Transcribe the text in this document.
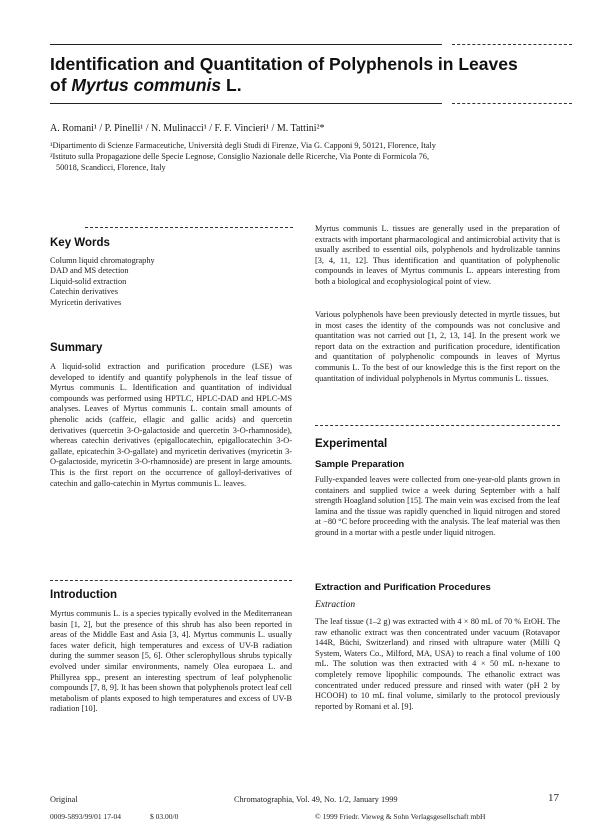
Identification and Quantitation of Polyphenols in Leaves
of Myrtus communis L.
A. Romani¹ / P. Pinelli¹ / N. Mulinacci¹ / F. F. Vincieri¹ / M. Tattini²*
¹Dipartimento di Scienze Farmaceutiche, Università degli Studi di Firenze, Via G. Capponi 9, 50121, Florence, Italy
²Istituto sulla Propagazione delle Specie Legnose, Consiglio Nazionale delle Ricerche, Via Ponte di Formicola 76,
50018, Scandicci, Florence, Italy
Key Words
Column liquid chromatography
DAD and MS detection
Liquid-solid extraction
Catechin derivatives
Myricetin derivatives
Summary
A liquid-solid extraction and purification procedure (LSE) was developed to identify and quantify polyphenols in the leaf tissue of Myrtus communis L. Identification and quantitation of individual compounds was performed using HPTLC, HPLC-DAD and HPLC-MS analyses. Leaves of Myrtus communis L. contain small amounts of phenolic acids (caffeic, ellagic and gallic acids) and quercetin derivatives (quercetin 3-O-galactoside and quercetin 3-O-rhamnoside), whereas catechin derivatives (epigallocatechin, epigallocatechin 3-O-gallate, epicatechin 3-O-gallate) and myricetin derivatives (myricetin 3-O-galactoside, myricetin 3-O-rhamnoside) are present in large amounts. This is the first report on the occurrence of galloyl-derivatives of catechin and gallo-catechin in Myrtus communis L. leaves.
Introduction
Myrtus communis L. is a species typically evolved in the Mediterranean basin [1, 2], but the presence of this shrub has also been reported in areas of the Middle East and Asia [3, 4]. Myrtus communis L. usually faces water deficit, high temperatures and excess of UV-B radiation during the summer season [5, 6]. Other sclerophyllous shrubs typically evolved under similar environments, namely Olea europaea L. and Phillyrea spp., present an interesting spectrum of leaf polyphenolic compounds [7, 8, 9]. It has been shown that polyphenols protect leaf cell metabolism of plants exposed to high temperatures and excess of UV-B radiation [10].
Myrtus communis L. tissues are generally used in the preparation of extracts with important pharmacological and antimicrobial activity that is usually ascribed to essential oils, polyphenols and hydrolizable tannins [3, 4, 11, 12]. Thus identification and quantitation of polyphenolic compounds in leaves of Myrtus communis L. appears interesting from both a biological and ecophysiological point of view.
Various polyphenols have been previously detected in myrtle tissues, but in most cases the identity of the compounds was not conclusive and quantitation was not carried out [1, 2, 13, 14]. In the present work we report data on the extraction and purification procedure, identification and quantitation of polyphenolic compounds in leaves of Myrtus communis L. To the best of our knowledge this is the first report on the quantitation of individual polyphenols in Myrtus communis L. tissues.
Experimental
Sample Preparation
Fully-expanded leaves were collected from one-year-old plants grown in containers and supplied twice a week during September with a half strength Hoagland solution [15]. The main vein was excised from the leaf lamina and the tissue was rapidly quenched in liquid nitrogen and stored at −80 °C before proceeding with the analysis. The leaf material was then ground in a mortar with a pestle under liquid nitrogen.
Extraction and Purification Procedures
Extraction
The leaf tissue (1–2 g) was extracted with 4 × 80 mL of 70 % EtOH. The raw ethanolic extract was then concentrated under vacuum (Rotavapor 144R, Büchi, Switzerland) and rinsed with ultrapure water (Milli Q System, Waters Co., Milford, MA, USA) to reach a final volume of 100 mL. The solution was then extracted with 4 × 50 mL n-hexane to completely remove lipophilic compounds. The ethanolic extract was concentrated under reduced pressure and rinsed with water (pH 2 by HCOOH) to 10 mL final volume, similarly to the protocol previously reported by Romani et al. [9].
Original	Chromatographia, Vol. 49, No. 1/2, January 1999	17
0009-5893/99/01 17-04	$ 03.00/0	© 1999 Friedr. Vieweg & Sohn Verlagsgesellschaft mbH
